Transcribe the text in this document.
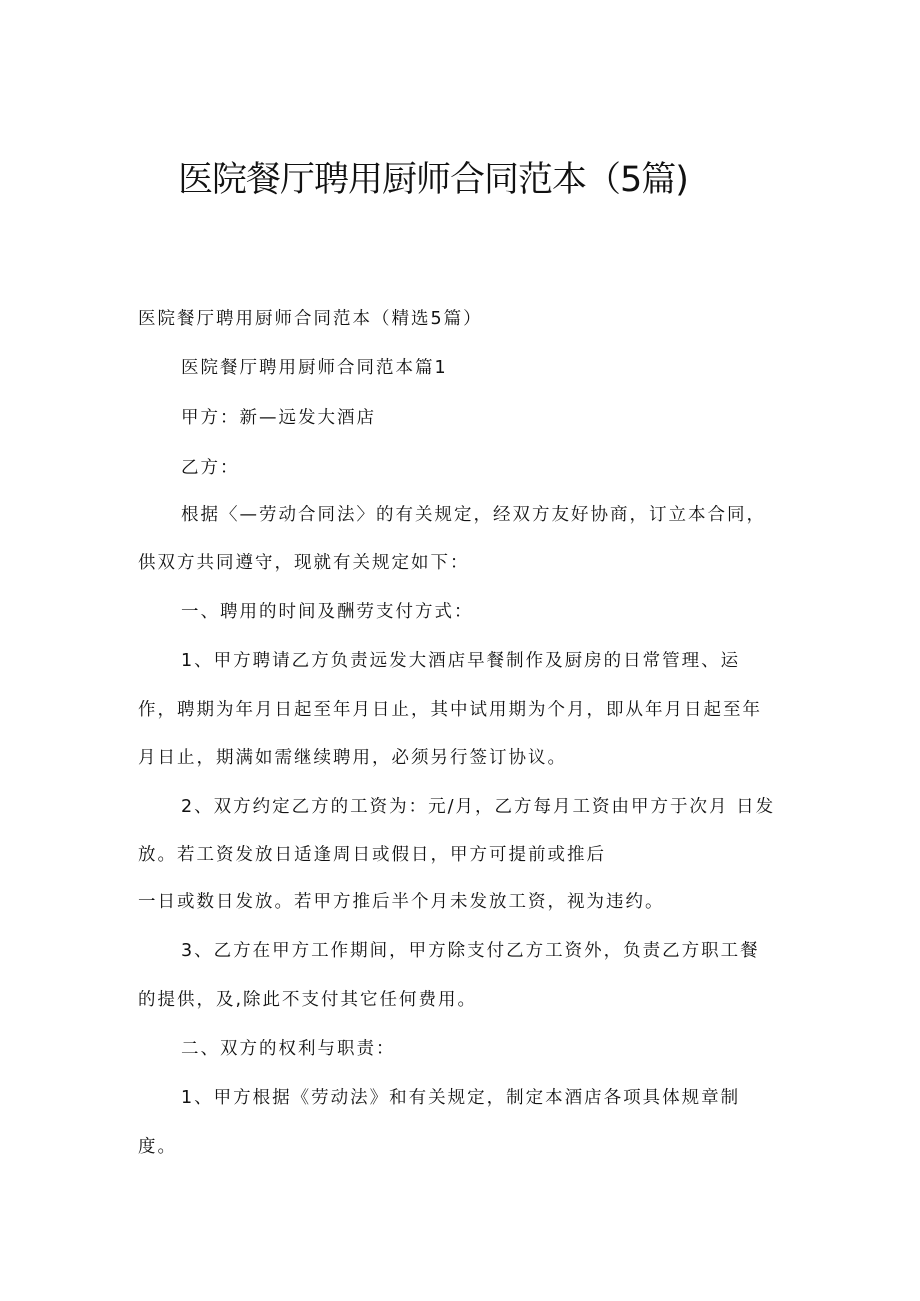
医院餐厅聘用厨师合同范本（5篇)
医院餐厅聘用厨师合同范本（精选5篇）
医院餐厅聘用厨师合同范本篇1
甲方：新—远发大酒店
乙方：
根据〈—劳动合同法〉的有关规定，经双方友好协商，订立本合同，
供双方共同遵守，现就有关规定如下：
一、聘用的时间及酬劳支付方式：
1、甲方聘请乙方负责远发大酒店早餐制作及厨房的日常管理、运
作，聘期为年月日起至年月日止，其中试用期为个月，即从年月日起至年
月日止，期满如需继续聘用，必须另行签订协议。
2、双方约定乙方的工资为：元/月，乙方每月工资由甲方于次月 日发
放。若工资发放日适逢周日或假日，甲方可提前或推后
一日或数日发放。若甲方推后半个月未发放工资，视为违约。
3、乙方在甲方工作期间，甲方除支付乙方工资外，负责乙方职工餐
的提供，及,除此不支付其它任何费用。
二、双方的权利与职责：
1、甲方根据《劳动法》和有关规定，制定本酒店各项具体规章制
度。
